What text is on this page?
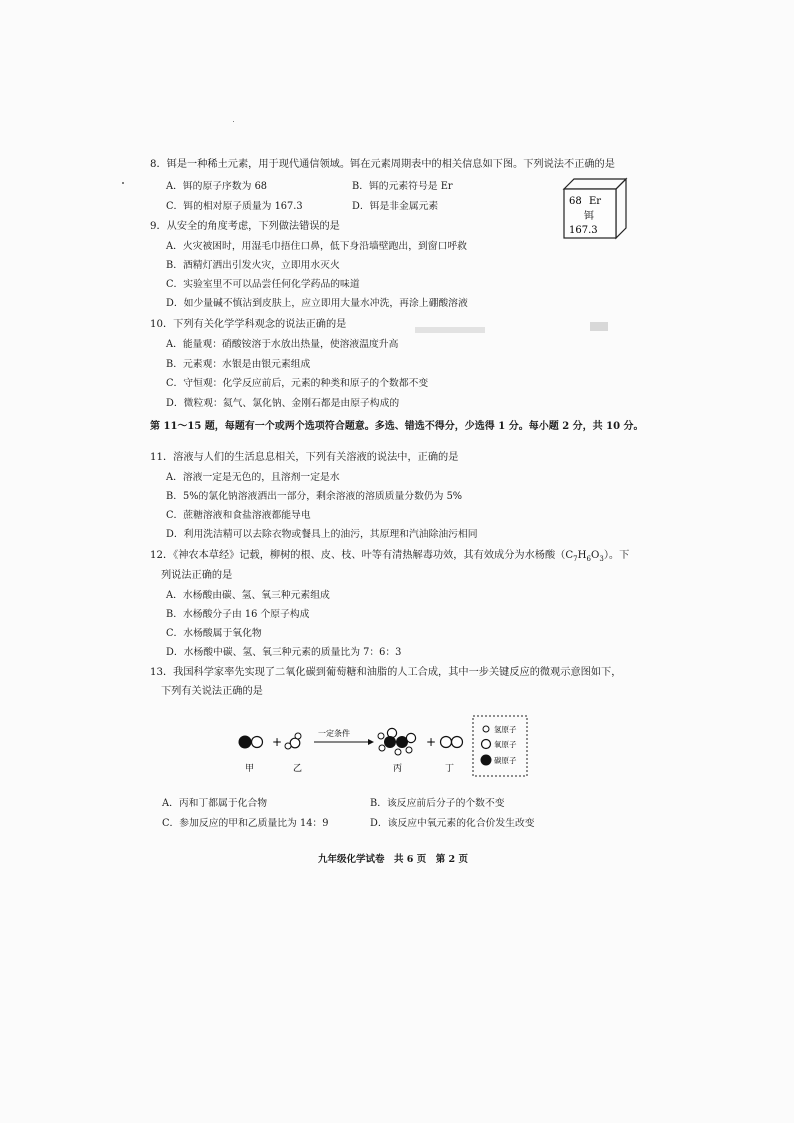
8．铒是一种稀土元素，用于现代通信领域。铒在元素周期表中的相关信息如下图。下列说法不正确的是
A．铒的原子序数为 68	B．铒的元素符号是 Er
C．铒的相对原子质量为 167.3	D．铒是非金属元素	68 Er
铒
167.3
9．从安全的角度考虑，下列做法错误的是
A．火灾被困时，用湿毛巾捂住口鼻，低下身沿墙壁跑出，到窗口呼救
B．酒精灯洒出引发火灾，立即用水灭火
C．实验室里不可以品尝任何化学药品的味道
D．如少量碱不慎沾到皮肤上，应立即用大量水冲洗，再涂上硼酸溶液
10．下列有关化学学科观念的说法正确的是
A．能量观：硝酸铵溶于水放出热量，使溶液温度升高
B．元素观：水银是由银元素组成
C．守恒观：化学反应前后，元素的种类和原子的个数都不变
D．微粒观：氦气、氯化钠、金刚石都是由原子构成的
第 11～15 题，每题有一个或两个选项符合题意。多选、错选不得分，少选得 1 分。每小题 2 分，共 10 分。
11．溶液与人们的生活息息相关，下列有关溶液的说法中，正确的是
A．溶液一定是无色的，且溶剂一定是水
B．5%的氯化钠溶液洒出一部分，剩余溶液的溶质质量分数仍为 5%
C．蔗糖溶液和食盐溶液都能导电
D．利用洗洁精可以去除衣物或餐具上的油污，其原理和汽油除油污相同
12．《神农本草经》记载，柳树的根、皮、枝、叶等有清热解毒功效，其有效成分为水杨酸$(C_7H_6O_3)$。下
列说法正确的是
A．水杨酸由碳、氢、氧三种元素组成
B．水杨酸分子由 16 个原子构成
C．水杨酸属于氧化物
D．水杨酸中碳、氢、氧三种元素的质量比为 7：6：3
13．我国科学家率先实现了二氧化碳到葡萄糖和油脂的人工合成，其中一步关键反应的微观示意图如下，
下列有关说法正确的是
+
一定条件
+
甲	乙	丙	丁
氢原子
氧原子
碳原子
A．丙和丁都属于化合物	B．该反应前后分子的个数不变
C．参加反应的甲和乙质量比为 14：9	D．该反应中氧元素的化合价发生改变
九年级化学试卷　共 6 页　第 2 页
